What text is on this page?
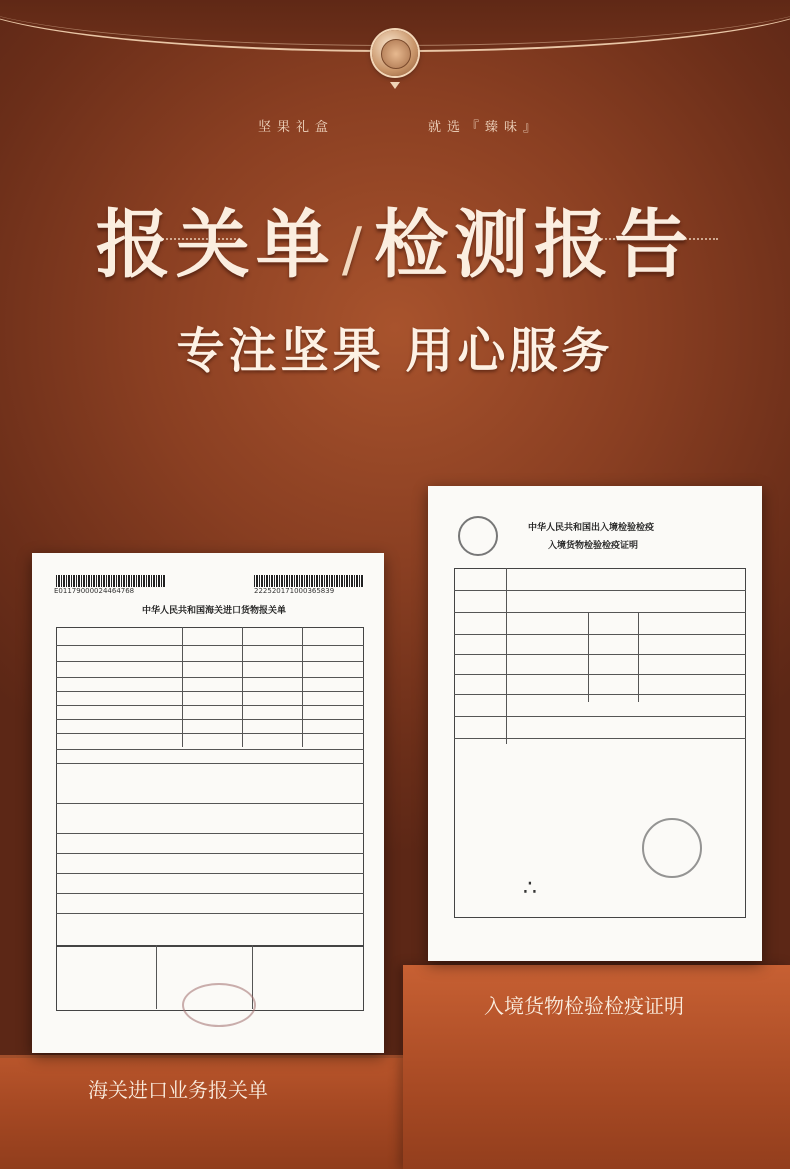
坚果礼盒	就选『臻味』
报关单 /检测报告
专注坚果 用心服务
E01179000024464768	222520171000365839
中华人民共和国海关进口货物报关单
中华人民共和国出入境检验检疫
入境货物检验检疫证明
∴
海关进口业务报关单
入境货物检验检疫证明
